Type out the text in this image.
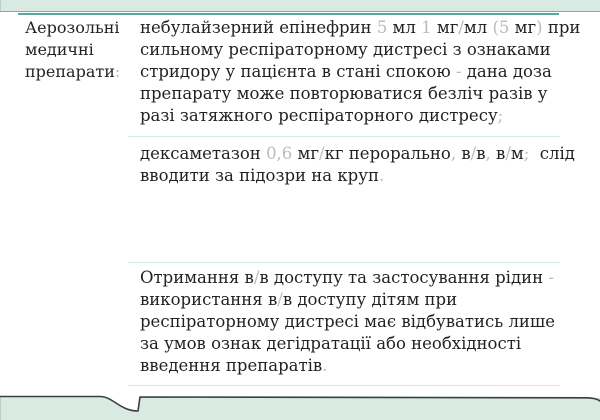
Аерозольні
медичні
препарати:
небулайзерний епінефрин 5 мл 1 мг/мл (5 мг) при
сильному респіраторному дистресі з ознаками
стридору у пацієнта в стані спокою - дана доза
препарату може повторюватися безліч разів у
разі затяжного респіраторного дистресу;
дексаметазон 0,6 мг/кг перорально, в/в, в/м;  слід
вводити за підозри на круп.
Отримання в/в доступу та застосування рідин -
використання в/в доступу дітям при
респіраторному дистресі має відбуватись лише
за умов ознак дегідратації або необхідності
введення препаратів.
